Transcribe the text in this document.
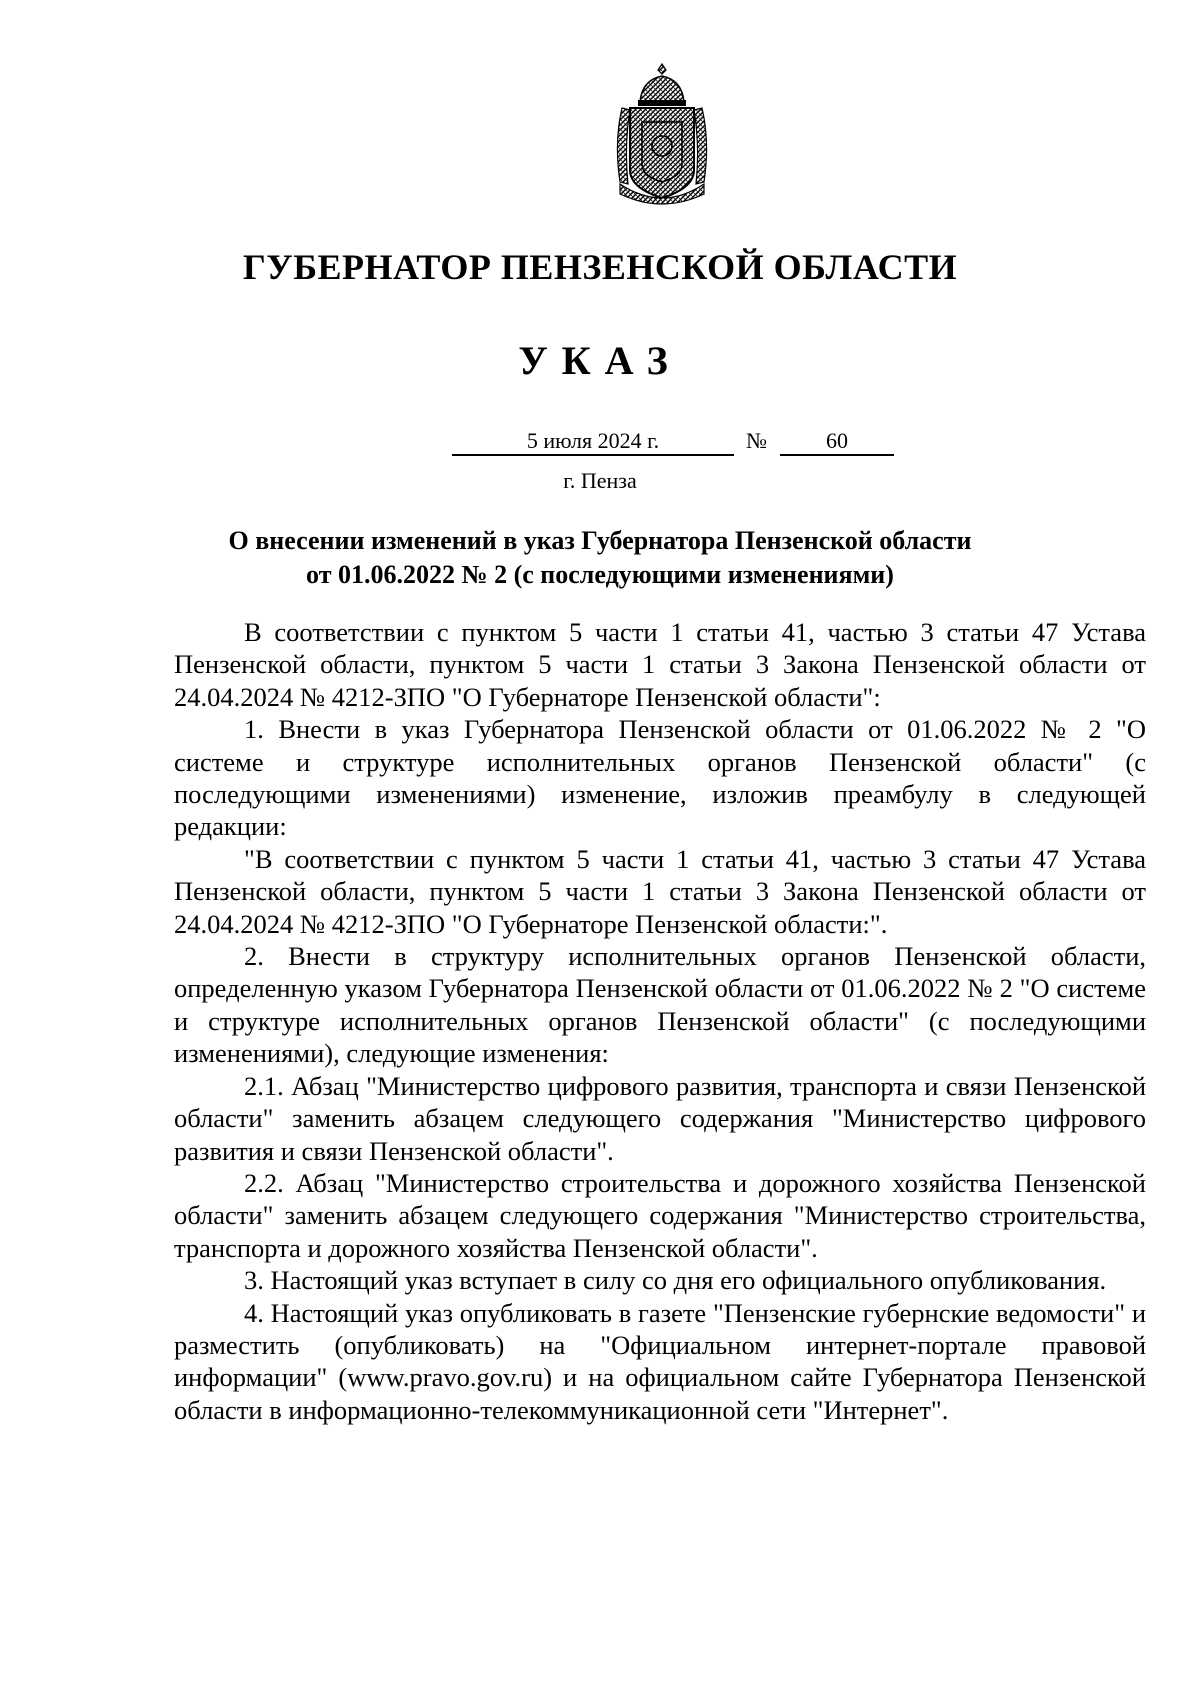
ГУБЕРНАТОР ПЕНЗЕНСКОЙ ОБЛАСТИ
УКАЗ
5 июля 2024 г.	№	60
г. Пенза
О внесении изменений в указ Губернатора Пензенской области
от 01.06.2022 № 2 (с последующими изменениями)

В соответствии с пунктом 5 части 1 статьи 41, частью 3 статьи 47 Устава Пензенской области, пунктом 5 части 1 статьи 3 Закона Пензенской области от 24.04.2024 № 4212-ЗПО "О Губернаторе Пензенской области":

1. Внести в указ Губернатора Пензенской области от 01.06.2022 № 2 "О системе и структуре исполнительных органов Пензенской области" (с последующими изменениями) изменение, изложив преамбулу в следующей редакции:

"В соответствии с пунктом 5 части 1 статьи 41, частью 3 статьи 47 Устава Пензенской области, пунктом 5 части 1 статьи 3 Закона Пензенской области от 24.04.2024 № 4212-ЗПО "О Губернаторе Пензенской области:".

2. Внести в структуру исполнительных органов Пензенской области, определенную указом Губернатора Пензенской области от 01.06.2022 № 2 "О системе и структуре исполнительных органов Пензенской области" (с последующими изменениями), следующие изменения:

2.1. Абзац "Министерство цифрового развития, транспорта и связи Пензенской области" заменить абзацем следующего содержания "Министерство цифрового развития и связи Пензенской области".

2.2. Абзац "Министерство строительства и дорожного хозяйства Пензенской области" заменить абзацем следующего содержания "Министерство строительства, транспорта и дорожного хозяйства Пензенской области".

3. Настоящий указ вступает в силу со дня его официального опубликования.

4. Настоящий указ опубликовать в газете "Пензенские губернские ведомости" и разместить (опубликовать) на "Официальном интернет-портале правовой информации" (www.pravo.gov.ru) и на официальном сайте Губернатора Пензенской области в информационно-телекоммуникационной сети "Интернет".
